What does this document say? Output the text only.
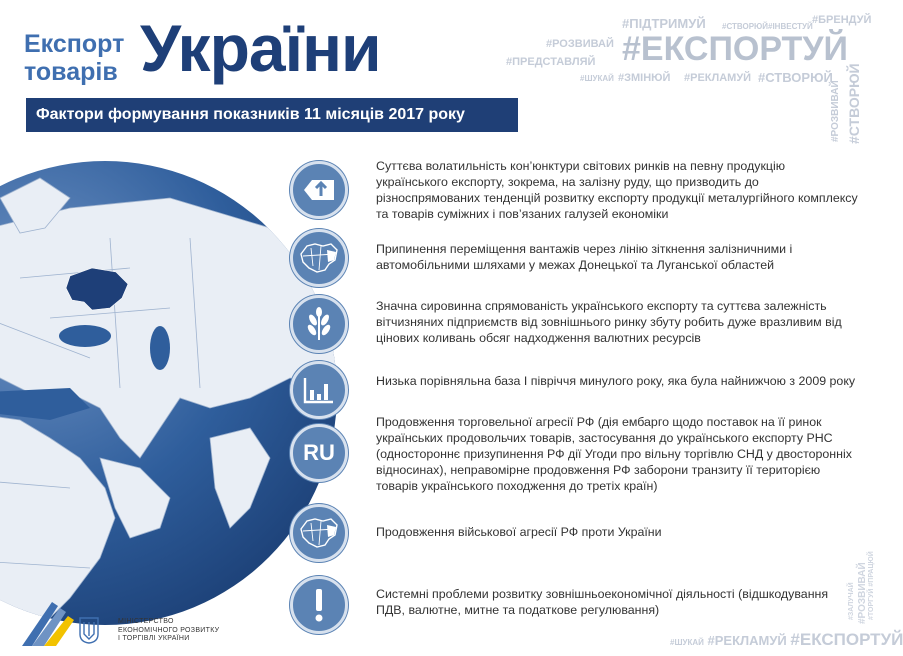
Експорт
товарів України	#ПІДТРИМУЙ #СТВОРЮЙ #ІНВЕСТУЙ
#БРЕНДУЙ
#РОЗВИВАЙ #ЕКСПОРТУЙ
#ПРЕДСТАВЛЯЙ
#ШУКАЙ #ЗМІНЮЙ #РЕКЛАМУЙ #СТВОРЮЙ
#РОЗВИВАЙ #СТВОРЮЙ
Фактори формування показників 11 місяців 2017 року
Суттєва волатильність кон’юнктури світових ринків на певну продукцію українського експорту, зокрема, на залізну руду, що призводить до різноспрямованих тенденцій розвитку експорту продукції металургійного комплексу та товарів суміжних і пов’язаних галузей економіки
Припинення переміщення вантажів через лінію зіткнення залізничними і автомобільними шляхами у межах Донецької та Луганської областей
Значна сировинна спрямованість українського експорту та суттєва залежність вітчизняних підприємств від зовнішнього ринку збуту робить дуже вразливим від цінових коливань обсяг надходження валютних ресурсів
Низька порівняльна база І півріччя минулого року, яка була найнижчою з 2009 року
RU
Продовження торговельної агресії РФ (дія ембарго щодо поставок на її ринок українських продовольчих товарів, застосування до українського експорту РНС (одностороннє призупинення РФ дії Угоди про вільну торгівлю СНД у двосторонніх відносинах), неправомірне продовження РФ заборони транзиту її територією товарів українського походження до третіх країн)
Продовження військової агресії РФ проти України
Системні проблеми розвитку зовнішньоекономічної діяльності (відшкодування ПДВ, валютне, митне та податкове регулювання)
МІНІСТЕРСТВО
ЕКОНОМІЧНОГО РОЗВИТКУ
І ТОРГІВЛІ УКРАЇНИ	#ШУКАЙ #РЕКЛАМУЙ #ЕКСПОРТУЙ
#ЗАЛУЧАЙ #РОЗВИВАЙ #ТОРГУЙ #ПРАЦЮЙ
